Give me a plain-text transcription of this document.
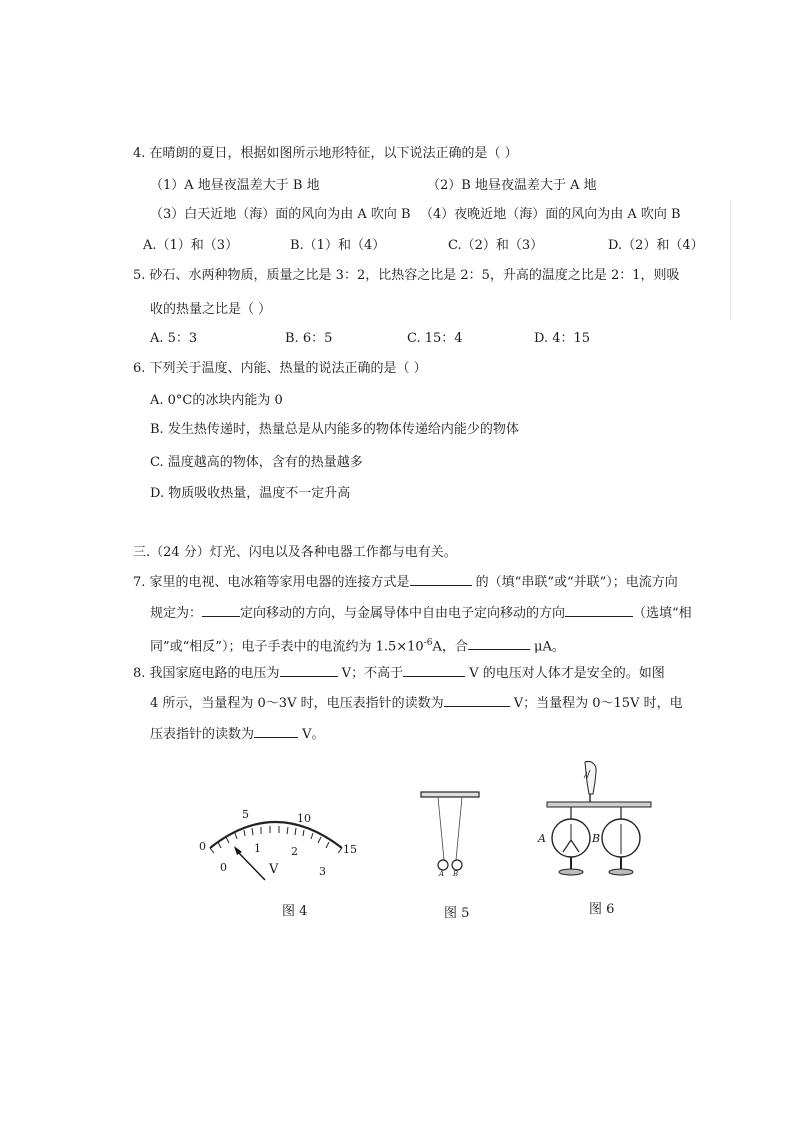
4. 在晴朗的夏日，根据如图所示地形特征，以下说法正确的是（ ）
（1）A 地昼夜温差大于 B 地	（2）B 地昼夜温差大于 A 地
（3）白天近地（海）面的风向为由 A 吹向 B （4）夜晚近地（海）面的风向为由 A 吹向 B
A.（1）和（3）	B.（1）和（4）	C.（2）和（3）	D.（2）和（4）
5. 砂石、水两种物质，质量之比是 3：2，比热容之比是 2：5，升高的温度之比是 2：1，则吸
收的热量之比是（ ）
A. 5：3	B. 6：5	C. 15：4	D. 4：15
6. 下列关于温度、内能、热量的说法正确的是（ ）
A. 0°C的冰块内能为 0
B. 发生热传递时，热量总是从内能多的物体传递给内能少的物体
C. 温度越高的物体，含有的热量越多
D. 物质吸收热量，温度不一定升高
三.（24 分）灯光、闪电以及各种电器工作都与电有关。
7. 家里的电视、电冰箱等家用电器的连接方式是	的（填“串联”或“并联”）；电流方向
规定为：	定向移动的方向，与金属导体中自由电子定向移动的方向	（选填“相
同”或“相反”）；电子手表中的电流约为 $1.5\times 10^{-6}A$，合	μA。
8. 我国家庭电路的电压为	V；不高于	V 的电压对人体才是安全的。如图
4 所示，当量程为 0～3V 时，电压表指针的读数为	V；当量程为 0～15V 时，电
压表指针的读数为	V。
0
5	10
15
0
1	2
3
V
图 4
A B
图 5
A	B
图 6
